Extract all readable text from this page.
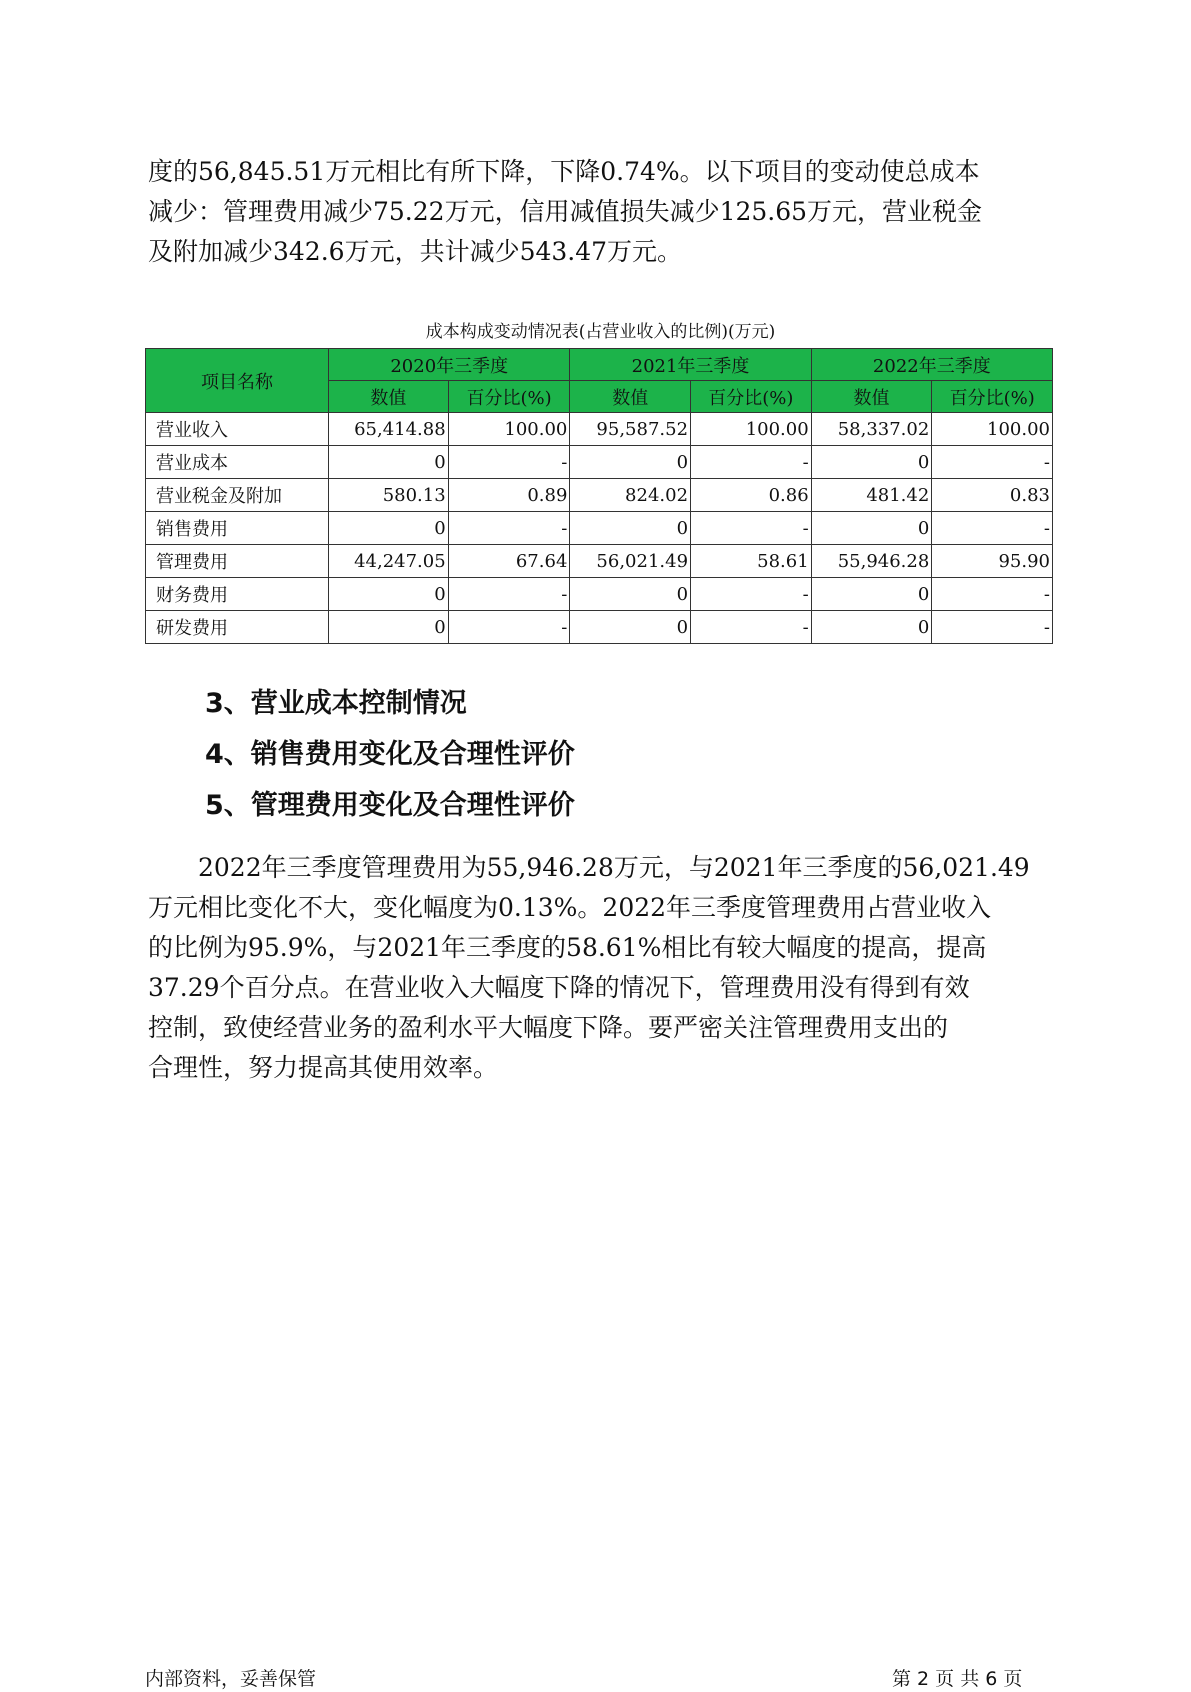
度的56,845.51万元相比有所下降，下降0.74%。以下项目的变动使总成本
减少：管理费用减少75.22万元，信用减值损失减少125.65万元，营业税金
及附加减少342.6万元，共计减少543.47万元。

成本构成变动情况表(占营业收入的比例)(万元)
项目名称	2020年三季度		2021年三季度		2022年三季度	
	数值	百分比(%)	数值	百分比(%)	数值	百分比(%)
营业收入	65,414.88	100.00	95,587.52	100.00	58,337.02	100.00
营业成本	0	-	0	-	0	-
营业税金及附加	580.13	0.89	824.02	0.86	481.42	0.83
销售费用	0	-	0	-	0	-
管理费用	44,247.05	67.64	56,021.49	58.61	55,946.28	95.90
财务费用	0	-	0	-	0	-
研发费用	0	-	0	-	0	-
3、营业成本控制情况
4、销售费用变化及合理性评价
5、管理费用变化及合理性评价

　　2022年三季度管理费用为55,946.28万元，与2021年三季度的56,021.49
万元相比变化不大，变化幅度为0.13%。2022年三季度管理费用占营业收入
的比例为95.9%，与2021年三季度的58.61%相比有较大幅度的提高，提高
37.29个百分点。在营业收入大幅度下降的情况下，管理费用没有得到有效
控制，致使经营业务的盈利水平大幅度下降。要严密关注管理费用支出的
合理性，努力提高其使用效率。

内部资料，妥善保管	第 2 页 共 6 页
